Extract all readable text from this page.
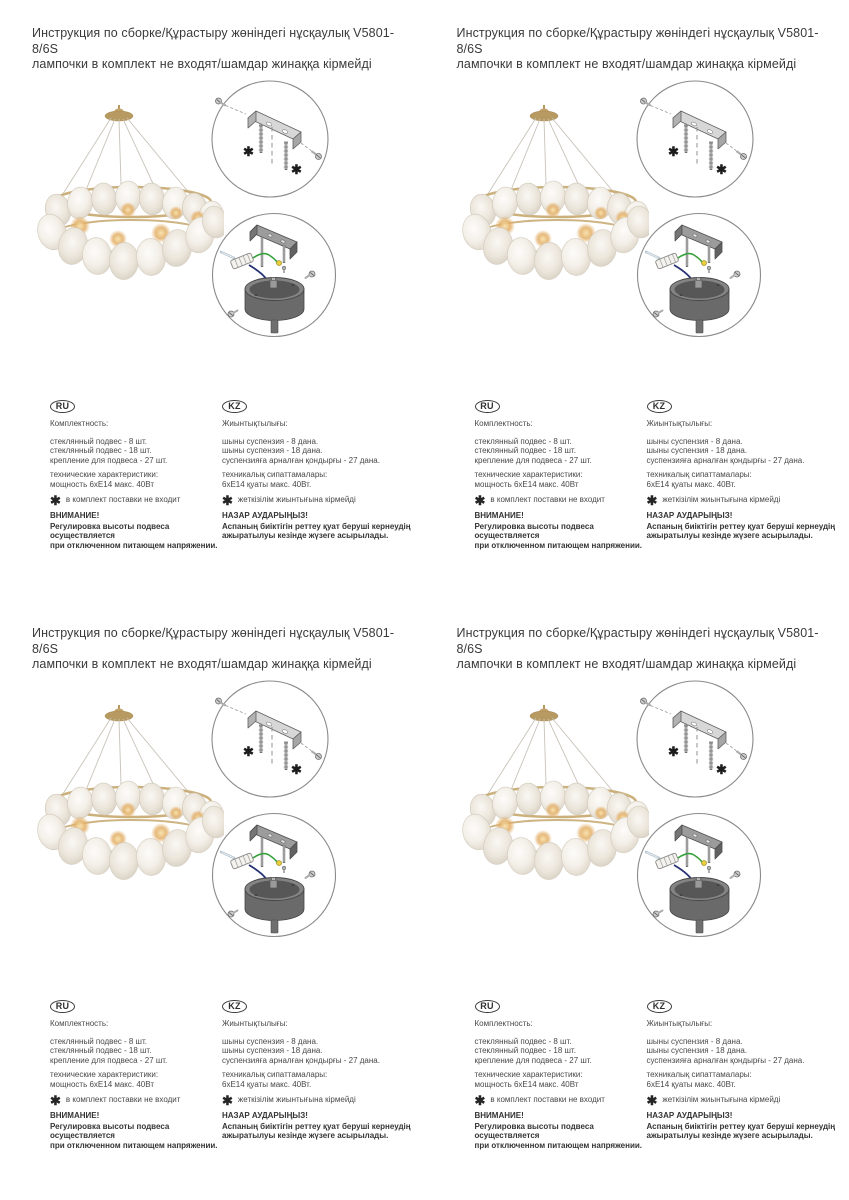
Инструкция по сборке/Құрастыру жөніндегі нұсқаулық V5801-8/6S
лампочки в комплект не входят/шамдар жинаққа кірмейді
✱
✱
RU
Комплектность:
стеклянный подвес - 8 шт.
стеклянный подвес - 18 шт.
крепление для подвеса - 27 шт.
технические характеристики:
мощность 6хЕ14 макс. 40Вт
✱ в комплект поставки не входит
ВНИМАНИЕ!
Регулировка высоты подвеса осуществляется
при отключенном питающем напряжении.
KZ
Жиынтықтылығы:
шыны суспензия - 8 дана.
шыны суспензия - 18 дана.
суспензияға арналған қондырғы - 27 дана.
техникалық сипаттамалары:
6хЕ14 қуаты макс. 40Вт.
✱ жеткізілім жиынтығына кірмейді
НАЗАР АУДАРЫҢЫЗ!
Аспаның биіктігін реттеу қуат беруші кернеудің
ажыратылуы кезінде жүзеге асырылады.
Инструкция по сборке/Құрастыру жөніндегі нұсқаулық V5801-8/6S
лампочки в комплект не входят/шамдар жинаққа кірмейді
✱
✱
RU
Комплектность:
стеклянный подвес - 8 шт.
стеклянный подвес - 18 шт.
крепление для подвеса - 27 шт.
технические характеристики:
мощность 6хЕ14 макс. 40Вт
✱ в комплект поставки не входит
ВНИМАНИЕ!
Регулировка высоты подвеса осуществляется
при отключенном питающем напряжении.
KZ
Жиынтықтылығы:
шыны суспензия - 8 дана.
шыны суспензия - 18 дана.
суспензияға арналған қондырғы - 27 дана.
техникалық сипаттамалары:
6хЕ14 қуаты макс. 40Вт.
✱ жеткізілім жиынтығына кірмейді
НАЗАР АУДАРЫҢЫЗ!
Аспаның биіктігін реттеу қуат беруші кернеудің
ажыратылуы кезінде жүзеге асырылады.
Инструкция по сборке/Құрастыру жөніндегі нұсқаулық V5801-8/6S
лампочки в комплект не входят/шамдар жинаққа кірмейді
✱
✱
RU
Комплектность:
стеклянный подвес - 8 шт.
стеклянный подвес - 18 шт.
крепление для подвеса - 27 шт.
технические характеристики:
мощность 6хЕ14 макс. 40Вт
✱ в комплект поставки не входит
ВНИМАНИЕ!
Регулировка высоты подвеса осуществляется
при отключенном питающем напряжении.
KZ
Жиынтықтылығы:
шыны суспензия - 8 дана.
шыны суспензия - 18 дана.
суспензияға арналған қондырғы - 27 дана.
техникалық сипаттамалары:
6хЕ14 қуаты макс. 40Вт.
✱ жеткізілім жиынтығына кірмейді
НАЗАР АУДАРЫҢЫЗ!
Аспаның биіктігін реттеу қуат беруші кернеудің
ажыратылуы кезінде жүзеге асырылады.
Инструкция по сборке/Құрастыру жөніндегі нұсқаулық V5801-8/6S
лампочки в комплект не входят/шамдар жинаққа кірмейді
✱
✱
RU
Комплектность:
стеклянный подвес - 8 шт.
стеклянный подвес - 18 шт.
крепление для подвеса - 27 шт.
технические характеристики:
мощность 6хЕ14 макс. 40Вт
✱ в комплект поставки не входит
ВНИМАНИЕ!
Регулировка высоты подвеса осуществляется
при отключенном питающем напряжении.
KZ
Жиынтықтылығы:
шыны суспензия - 8 дана.
шыны суспензия - 18 дана.
суспензияға арналған қондырғы - 27 дана.
техникалық сипаттамалары:
6хЕ14 қуаты макс. 40Вт.
✱ жеткізілім жиынтығына кірмейді
НАЗАР АУДАРЫҢЫЗ!
Аспаның биіктігін реттеу қуат беруші кернеудің
ажыратылуы кезінде жүзеге асырылады.
